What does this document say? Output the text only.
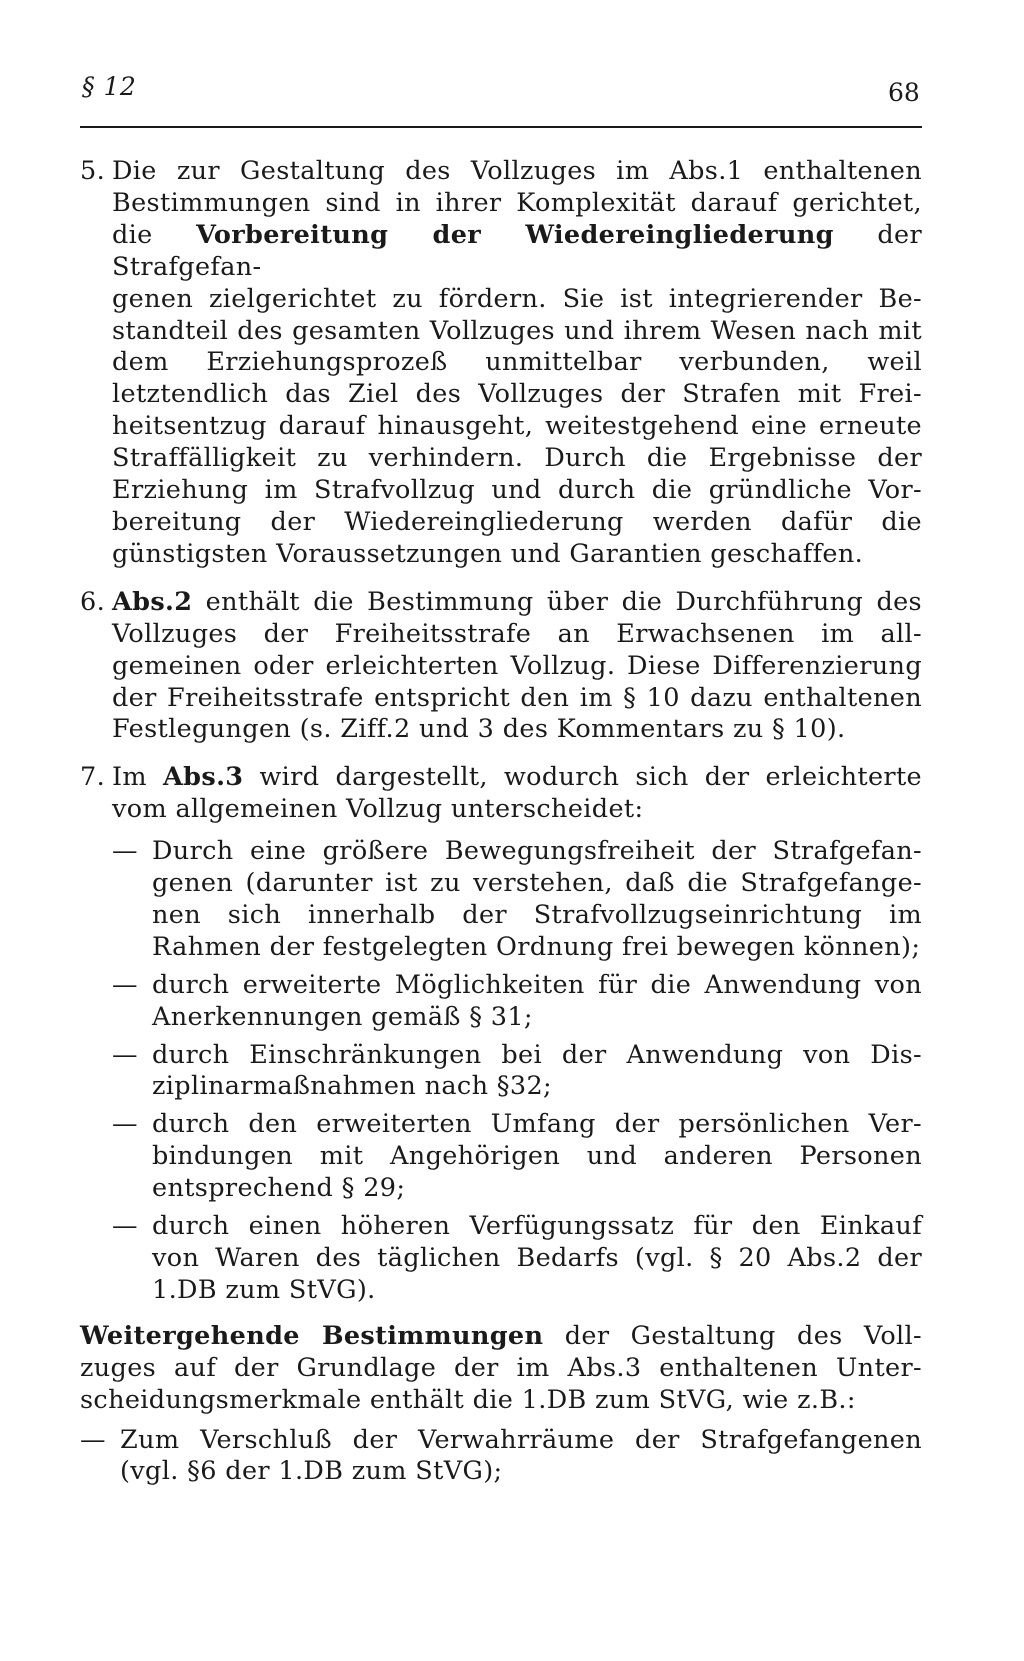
§ 12	68
5. Die zur Gestaltung des Vollzuges im Abs.1 enthaltenen
Bestimmungen sind in ihrer Komplexität darauf gerichtet,
die Vorbereitung der Wiedereingliederung der Strafgefan-
genen zielgerichtet zu fördern. Sie ist integrierender Be-
standteil des gesamten Vollzuges und ihrem Wesen nach mit
dem Erziehungsprozeß unmittelbar verbunden, weil
letztendlich das Ziel des Vollzuges der Strafen mit Frei-
heitsentzug darauf hinausgeht, weitestgehend eine erneute
Straffälligkeit zu verhindern. Durch die Ergebnisse der
Erziehung im Strafvollzug und durch die gründliche Vor-
bereitung der Wiedereingliederung werden dafür die
günstigsten Voraussetzungen und Garantien geschaffen.
6. Abs.2 enthält die Bestimmung über die Durchführung des
Vollzuges der Freiheitsstrafe an Erwachsenen im all-
gemeinen oder erleichterten Vollzug. Diese Differenzierung
der Freiheitsstrafe entspricht den im § 10 dazu enthaltenen
Festlegungen (s. Ziff.2 und 3 des Kommentars zu § 10).
7. Im Abs.3 wird dargestellt, wodurch sich der erleichterte
vom allgemeinen Vollzug unterscheidet:
— Durch eine größere Bewegungsfreiheit der Strafgefan-
genen (darunter ist zu verstehen, daß die Strafgefange-
nen sich innerhalb der Strafvollzugseinrichtung im
Rahmen der festgelegten Ordnung frei bewegen können);
— durch erweiterte Möglichkeiten für die Anwendung von
Anerkennungen gemäß § 31;
— durch Einschränkungen bei der Anwendung von Dis-
ziplinarmaßnahmen nach §32;
— durch den erweiterten Umfang der persönlichen Ver-
bindungen mit Angehörigen und anderen Personen
entsprechend § 29;
— durch einen höheren Verfügungssatz für den Einkauf
von Waren des täglichen Bedarfs (vgl. § 20 Abs.2 der
1.DB zum StVG).
Weitergehende Bestimmungen der Gestaltung des Voll-
zuges auf der Grundlage der im Abs.3 enthaltenen Unter-
scheidungsmerkmale enthält die 1.DB zum StVG, wie z.B.:
— Zum Verschluß der Verwahrräume der Strafgefangenen
(vgl. §6 der 1.DB zum StVG);
